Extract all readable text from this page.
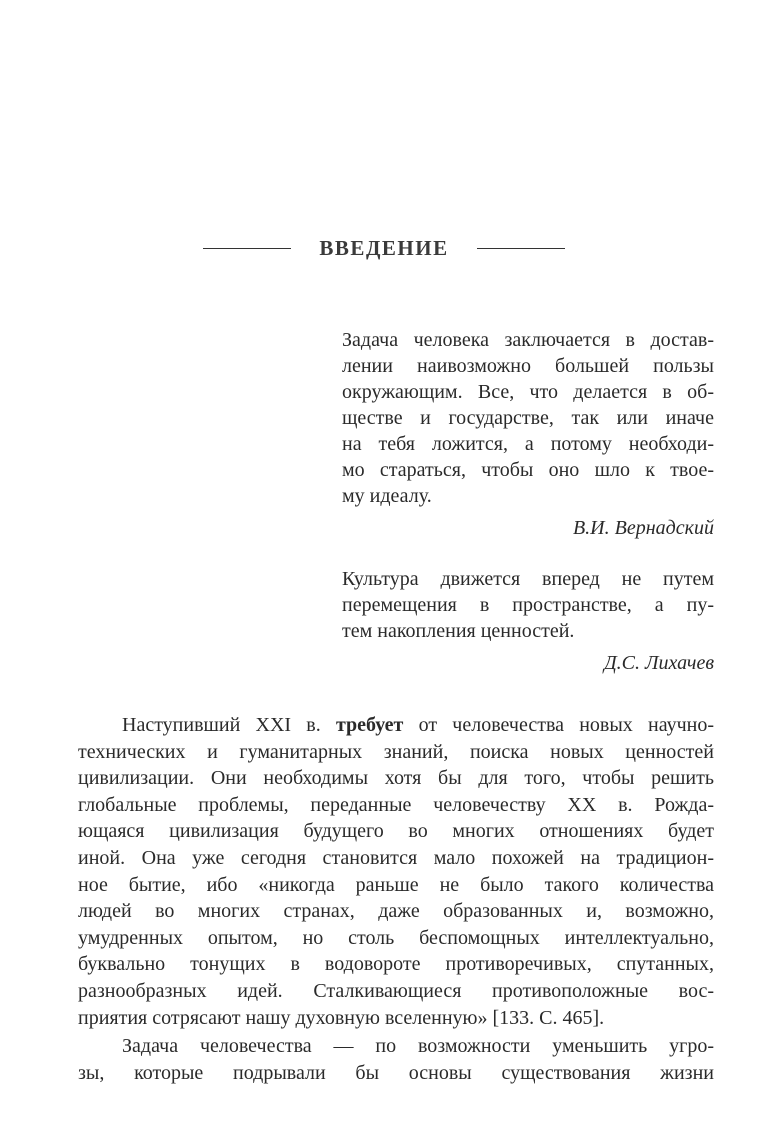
ВВЕДЕНИЕ
Задача человека заключается в достав-
лении наивозможно большей пользы
окружающим. Все, что делается в об-
ществе и государстве, так или иначе
на тебя ложится, а потому необходи-
мо стараться, чтобы оно шло к твое-
му идеалу.
В.И. Вернадский
Культура движется вперед не путем
перемещения в пространстве, а пу-
тем накопления ценностей.
Д.С. Лихачев
Наступивший XXI в. требует от человечества новых научно-
технических и гуманитарных знаний, поиска новых ценностей
цивилизации. Они необходимы хотя бы для того, чтобы решить
глобальные проблемы, переданные человечеству XX в. Рожда-
ющаяся цивилизация будущего во многих отношениях будет
иной. Она уже сегодня становится мало похожей на традицион-
ное бытие, ибо «никогда раньше не было такого количества
людей во многих странах, даже образованных и, возможно,
умудренных опытом, но столь беспомощных интеллектуально,
буквально тонущих в водовороте противоречивых, спутанных,
разнообразных идей. Сталкивающиеся противоположные вос-
приятия сотрясают нашу духовную вселенную» [133. С. 465].
Задача человечества — по возможности уменьшить угро-
зы, которые подрывали бы основы существования жизни
